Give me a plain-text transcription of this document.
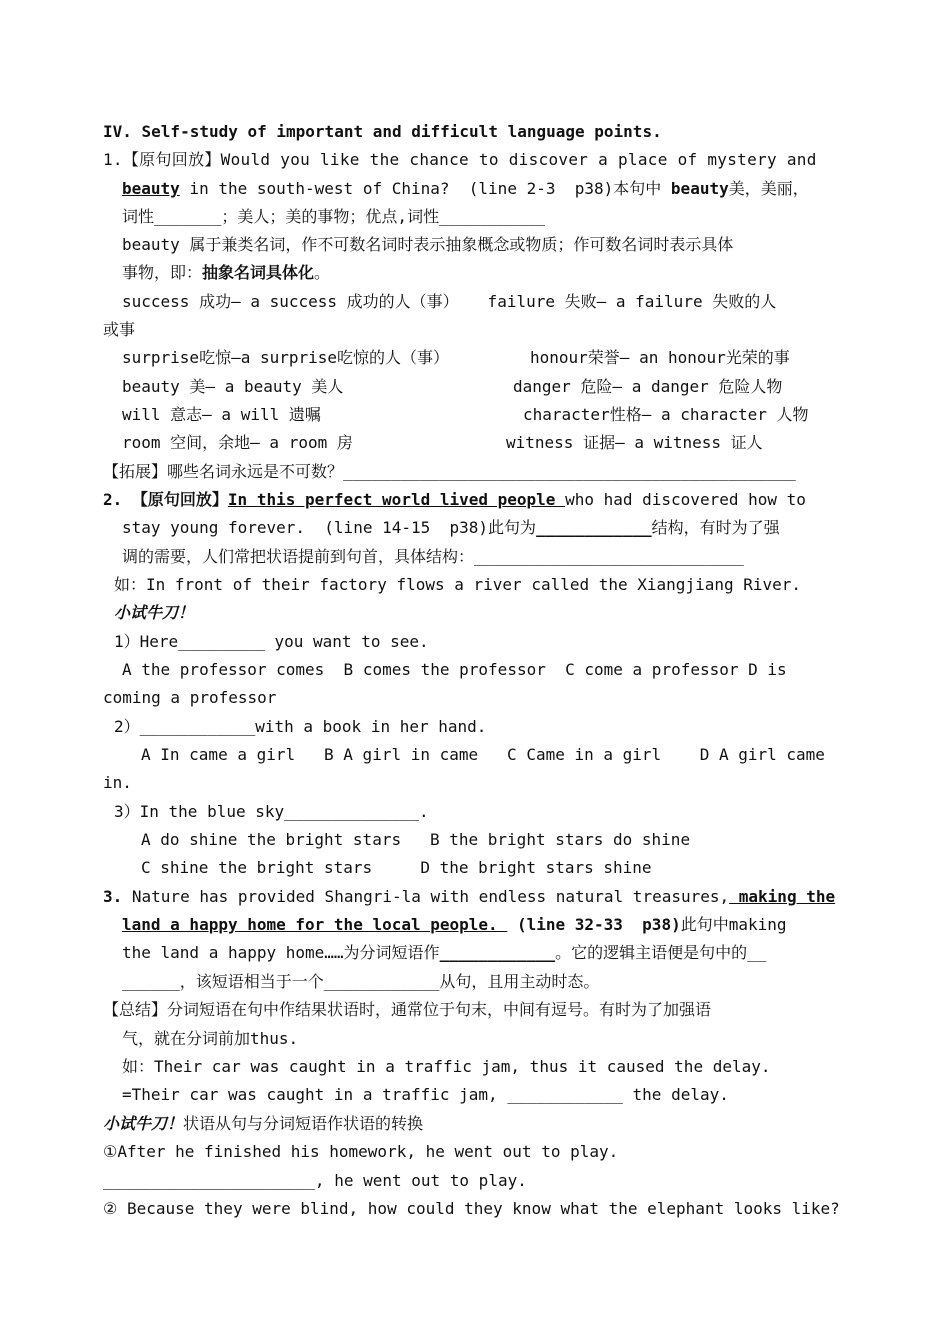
IV. Self-study of important and difficult language points.
1.【原句回放】Would you like the chance to discover a place of mystery and
beauty in the south-west of China?  (line 2-3  p38)本句中 beauty美，美丽，
词性_______；美人；美的事物；优点,词性___________
beauty 属于兼类名词，作不可数名词时表示抽象概念或物质；作可数名词时表示具体
事物，即：抽象名词具体化。
success 成功— a success 成功的人（事）   failure 失败— a failure 失败的人
或事
surprise吃惊—a surprise吃惊的人（事）	honour荣誉— an honour光荣的事
beauty 美— a beauty 美人	danger 危险— a danger 危险人物
will 意志— a will 遗嘱	character性格— a character 人物
room 空间，余地— a room 房	witness 证据— a witness 证人
【拓展】哪些名词永远是不可数？_______________________________________________
2. 【原句回放】In this perfect world lived people who had discovered how to
stay young forever.  (line 14-15  p38)此句为____________结构，有时为了强
调的需要，人们常把状语提前到句首，具体结构：____________________________
如：In front of their factory flows a river called the Xiangjiang River.
小试牛刀！
1）Here_________ you want to see.
A the professor comes  B comes the professor  C come a professor D is
coming a professor
2）____________with a book in her hand.
A In came a girl   B A girl in came   C Came in a girl    D A girl came
in.
3）In the blue sky______________.
A do shine the bright stars   B the bright stars do shine
C shine the bright stars     D the bright stars shine
3. Nature has provided Shangri-la with endless natural treasures, making the
land a happy home for the local people.  (line 32-33  p38)此句中making
the land a happy home……为分词短语作____________。它的逻辑主语便是句中的__
______，该短语相当于一个____________从句，且用主动时态。
【总结】分词短语在句中作结果状语时，通常位于句末，中间有逗号。有时为了加强语
气，就在分词前加thus.
如：Their car was caught in a traffic jam, thus it caused the delay.
=Their car was caught in a traffic jam, ____________ the delay.
小试牛刀！状语从句与分词短语作状语的转换
①After he finished his homework, he went out to play.
______________________, he went out to play.
② Because they were blind, how could they know what the elephant looks like?
